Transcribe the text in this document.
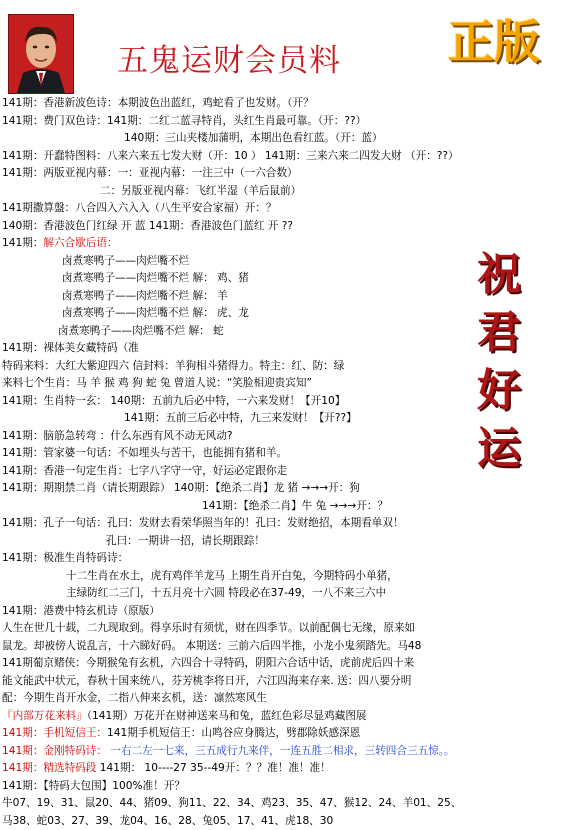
五鬼运财会员料 正版
祝
君
好
运
141期：香港新波色诗：本期波色出蓝红，鸡蛇看了也发财。（开？
141期：费门双色诗：141期：二红二蓝寻特肖，头红生肖最可靠。（开：??）
140期：三山夹楼加蒲明，本期出色看红蓝。（开：蓝）
141期：开蠢特图料：八来六来五七发大财（开：10 ） 141期：三来六来二四发大财 （开：??）
141期：两版亚视内幕：一：亚视内幕：一注三中（一六合数）
二：另版亚视内幕：飞红半湿（羊后鼠前）
141期撒算盤：八合四入六入入（八生平安合家福）开：？
140期：香港波色门红绿 开 蓝 141期：香港波色门蓝红 开 ??
141期：解六合歇后语：
卤煮寒鸭子——肉烂嘴不烂
卤煮寒鸭子——肉烂嘴不烂 解： 鸡、猪
卤煮寒鸭子——肉烂嘴不烂 解： 羊
卤煮寒鸭子——肉烂嘴不烂 解： 虎、龙
卤煮寒鸭子——肉烂嘴不烂 解： 蛇
141期：裸体美女藏特码（准
特码来料：大红大紫迎四六 信封料：羊狗相斗猪得力。特主：红、防：绿
来料七个生肖：马 羊 猴 鸡 狗 蛇 兔 曾道人说：“笑脸相迎贵宾知”
141期：生肖特一玄： 140期：五前九后必中特，一六来发财！【开10】
141期：五前三后必中特，九三来发财！【开??】
141期：脑筋急转弯 ：什么东西有风不动无风动?
141期：管家婆一句话：不如埋头与苦干，也能拥有猪和羊。
141期：香港一句定生肖：七字八字守一守，好运必定跟你走
141期：期期禁二肖（请长期跟踪） 140期：【绝杀二肖】龙 猪 →→→开：狗
141期：【绝杀二肖】牛 兔 →→→开：？
141期：孔子一句话：孔曰：发财去看荣华照当年的！孔曰：发财绝招，本期看单双！
孔曰：一期讲一招，请长期跟踪！
141期：极准生肖特码诗：
十二生肖在水土，虎有鸡伴羊龙马 上期生肖开白兔，今期特码小单猪，
主绿防红二三门，十五月亮十六圆 特段必在37-49，一八不来三六中
141期：港费中特玄机诗（原版）
人生在世几十载，二九现取到。得享乐时有须忧，财在四季节。以前配偶七无缘，原来如
鼠龙。却被傍人说乱言，十六睇好码。 本期送：三前六后四半推，小龙小鬼须踏先。马48
141期葡京赌侠：今期猴兔有玄机，六四合十寻特码，阴阳六合话中话，虎前虎后四十来
能文能武中状元，春秋十国来统八，芬芳桃李将日开，六江四海来存来. 送：四八要分明
配：今期生肖开水金，二指八伸来玄机，送：凛然寒风生
『内部万花来料』（141期）万花开在财神送来马和兔，蓝红色彩尽显鸡藏图展
141期：手机短信王：141期手机短信王：山鸣谷应身腾达，劈郡除妖感深恩
141期：金刚特码诗： 一右二左一七来，三五成行九来伴，一连五胜二相求，三转四合三五惊。。
141期：精选特码段 141期： 10----27 35--49开：？？准！准！准！
141期：【特码大包围】100%准！开？
牛07、19、31、鼠20、44、猪09、狗11、22、34、鸡23、35、47、猴12、24、羊01、25、
马38、蛇03、27、39、龙04、16、28、兔05、17、41、虎18、30
